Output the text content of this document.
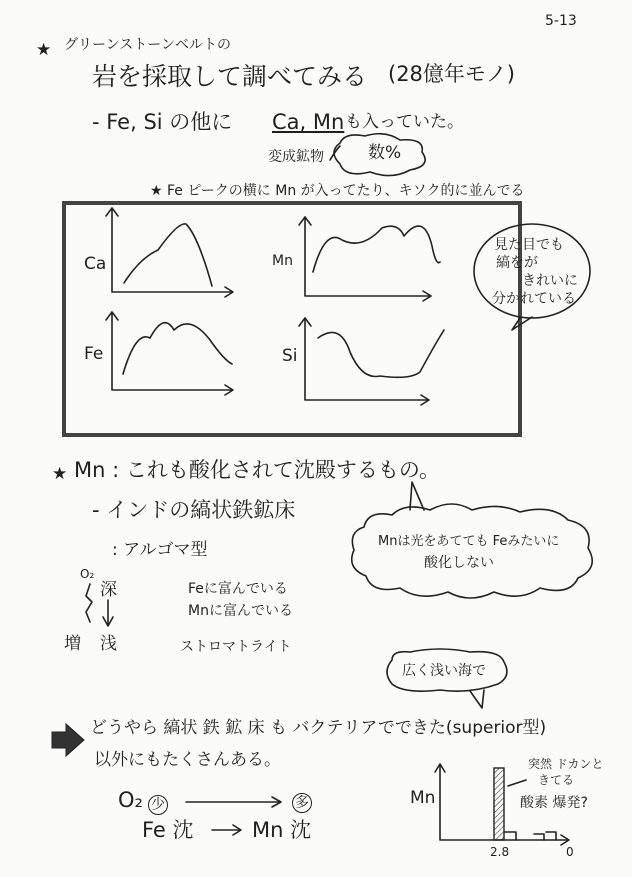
5-13
★ グリーンストーンベルトの
岩を採取して調べてみる (28億年モノ)
- Fe, Si の他に Ca, Mn も入っていた。
変成鉱物	数%
★ Fe ピークの横に Mn が入ってたり、キソク的に並んでる
Ca	Mn
Fe	Si
見た目でも
縞をが
きれいに
分かれている
★ Mn : これも酸化されて沈殿するもの。
- インドの縞状鉄鉱床
: アルゴマ型	Mnは光をあてても Feみたいに
酸化しない
O₂
深
浅
増
Feに富んでいる
Mnに富んでいる
ストロマトライト
広く浅い海で
どうやら 縞状 鉄 鉱 床 も バクテリアでできた(superior型)
以外にもたくさんある。
O₂ 少	多
Fe 沈	Mn 沈
Mn
2.8	0
突然 ドカンと
きてる
酸素 爆発?
